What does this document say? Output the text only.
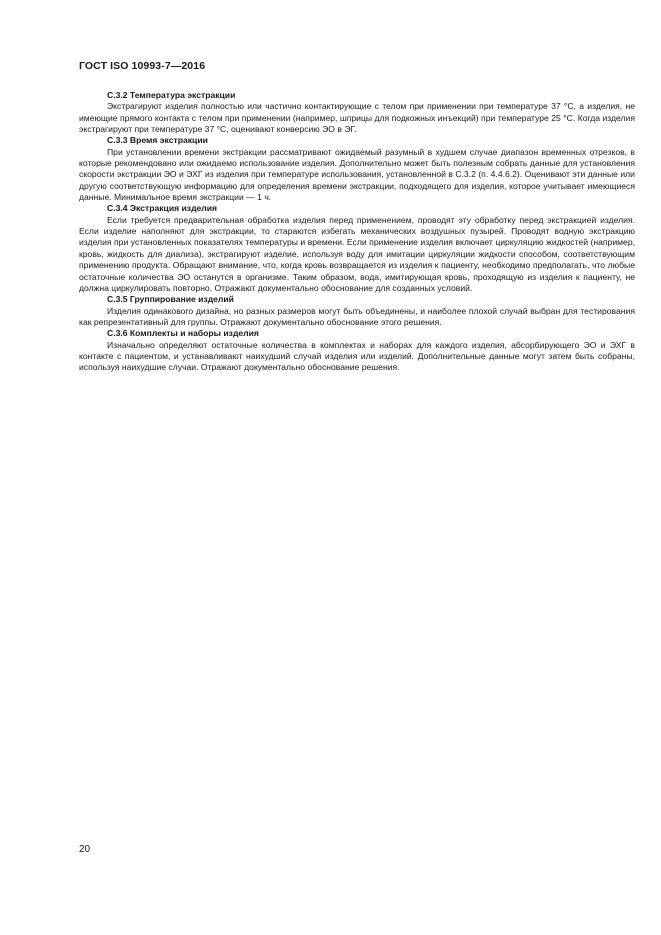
ГОСТ ISO 10993-7—2016

С.3.2 Температура экстракции

Экстрагируют изделия полностью или частично контактирующие с телом при применении при температуре 37 °С, а изделия, не имеющие прямого контакта с телом при применении (например, шприцы для подкожных инъекций) при температуре 25 °С. Когда изделия экстрагируют при температуре 37 °С, оценивают конверсию ЭО в ЭГ.

С.3.3 Время экстракции

При установлении времени экстракции рассматривают ожидаемый разумный в худшем случае диапазон временных отрезков, в которые рекомендовано или ожидаемо использование изделия. Дополнительно может быть полезным собрать данные для установления скорости экстракции ЭО и ЭХГ из изделия при температуре использования, установленной в С.3.2 (п. 4.4.6.2). Оценивают эти данные или другую соответствующую информацию для определения времени экстракции, подходящего для изделия, которое учитывает имеющиеся данные. Минимальное время экстракции — 1 ч.

С.3.4 Экстракция изделия

Если требуется предварительная обработка изделия перед применением, проводят эту обработку перед экстракцией изделия. Если изделие наполняют для экстракции, то стараются избегать механических воздушных пузырей. Проводят водную экстракцию изделия при установленных показателях температуры и времени. Если применение изделия включает циркуляцию жидкостей (например, кровь, жидкость для диализа), экстрагируют изделие, используя воду для имитации циркуляции жидкости способом, соответствующим применению продукта. Обращают внимание, что, когда кровь возвращается из изделия к пациенту, необходимо предполагать, что любые остаточные количества ЭО останутся в организме. Таким образом, вода, имитирующая кровь, проходящую из изделия к пациенту, не должна циркулировать повторно. Отражают документально обоснование для созданных условий.

С.3.5 Группирование изделий

Изделия одинакового дизайна, но разных размеров могут быть объединены, и наиболее плохой случай выбран для тестирования как репрезентативный для группы. Отражают документально обоснование этого решения.

С.3.6 Комплекты и наборы изделия

Изначально определяют остаточные количества в комплектах и наборах для каждого изделия, абсорбирующего ЭО и ЭХГ в контакте с пациентом, и устанавливают наихудший случай изделия или изделий. Дополнительные данные могут затем быть собраны, используя наихудшие случаи. Отражают документально обоснование решения.

20
